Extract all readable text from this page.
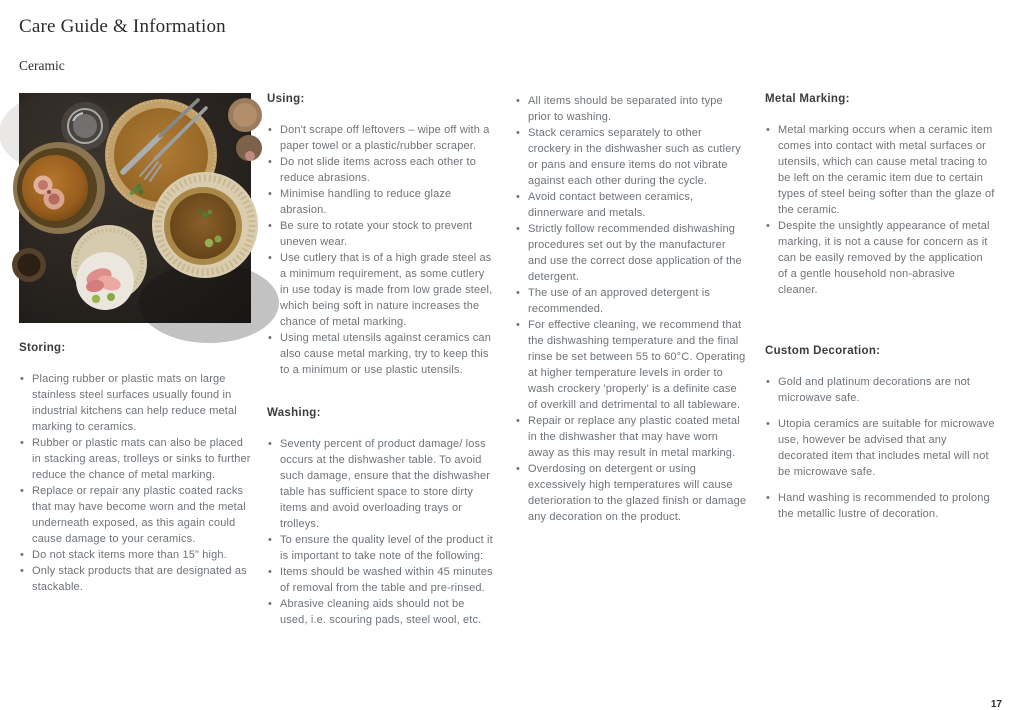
Care Guide & Information
Ceramic
Storing:
• Placing rubber or plastic mats on large stainless steel surfaces usually found in industrial kitchens can help reduce metal marking to ceramics.
• Rubber or plastic mats can also be placed in stacking areas, trolleys or sinks to further reduce the chance of metal marking.
• Replace or repair any plastic coated racks that may have become worn and the metal underneath exposed, as this again could cause damage to your ceramics.
• Do not stack items more than 15" high.
• Only stack products that are designated as stackable.
Using:
• Don't scrape off leftovers – wipe off with a paper towel or a plastic/rubber scraper.
• Do not slide items across each other to reduce abrasions.
• Minimise handling to reduce glaze abrasion.
• Be sure to rotate your stock to prevent uneven wear.
• Use cutlery that is of a high grade steel as a minimum requirement, as some cutlery in use today is made from low grade steel, which being soft in nature increases the chance of metal marking.
• Using metal utensils against ceramics can also cause metal marking, try to keep this to a minimum or use plastic utensils.
Washing:
• Seventy percent of product damage/ loss occurs at the dishwasher table. To avoid such damage, ensure that the dishwasher table has sufficient space to store dirty items and avoid overloading trays or trolleys.
• To ensure the quality level of the product it is important to take note of the following:
• Items should be washed within 45 minutes of removal from the table and pre-rinsed.
• Abrasive cleaning aids should not be used, i.e. scouring pads, steel wool, etc.
• All items should be separated into type prior to washing.
• Stack ceramics separately to other crockery in the dishwasher such as cutlery or pans and ensure items do not vibrate against each other during the cycle.
• Avoid contact between ceramics, dinnerware and metals.
• Strictly follow recommended dishwashing procedures set out by the manufacturer and use the correct dose application of the detergent.
• The use of an approved detergent is recommended.
• For effective cleaning, we recommend that the dishwashing temperature and the final rinse be set between 55 to 60°C. Operating at higher temperature levels in order to wash crockery 'properly' is a definite case of overkill and detrimental to all tableware.
• Repair or replace any plastic coated metal in the dishwasher that may have worn away as this may result in metal marking.
• Overdosing on detergent or using excessively high temperatures will cause deterioration to the glazed finish or damage any decoration on the product.
Metal Marking:
• Metal marking occurs when a ceramic item comes into contact with metal surfaces or utensils, which can cause metal tracing to be left on the ceramic item due to certain types of steel being softer than the glaze of the ceramic.
• Despite the unsightly appearance of metal marking, it is not a cause for concern as it can be easily removed by the application of a gentle household non-abrasive cleaner.
Custom Decoration:
• Gold and platinum decorations are not microwave safe.
• Utopia ceramics are suitable for microwave use, however be advised that any decorated item that includes metal will not be microwave safe.
• Hand washing is recommended to prolong the metallic lustre of decoration.
17
